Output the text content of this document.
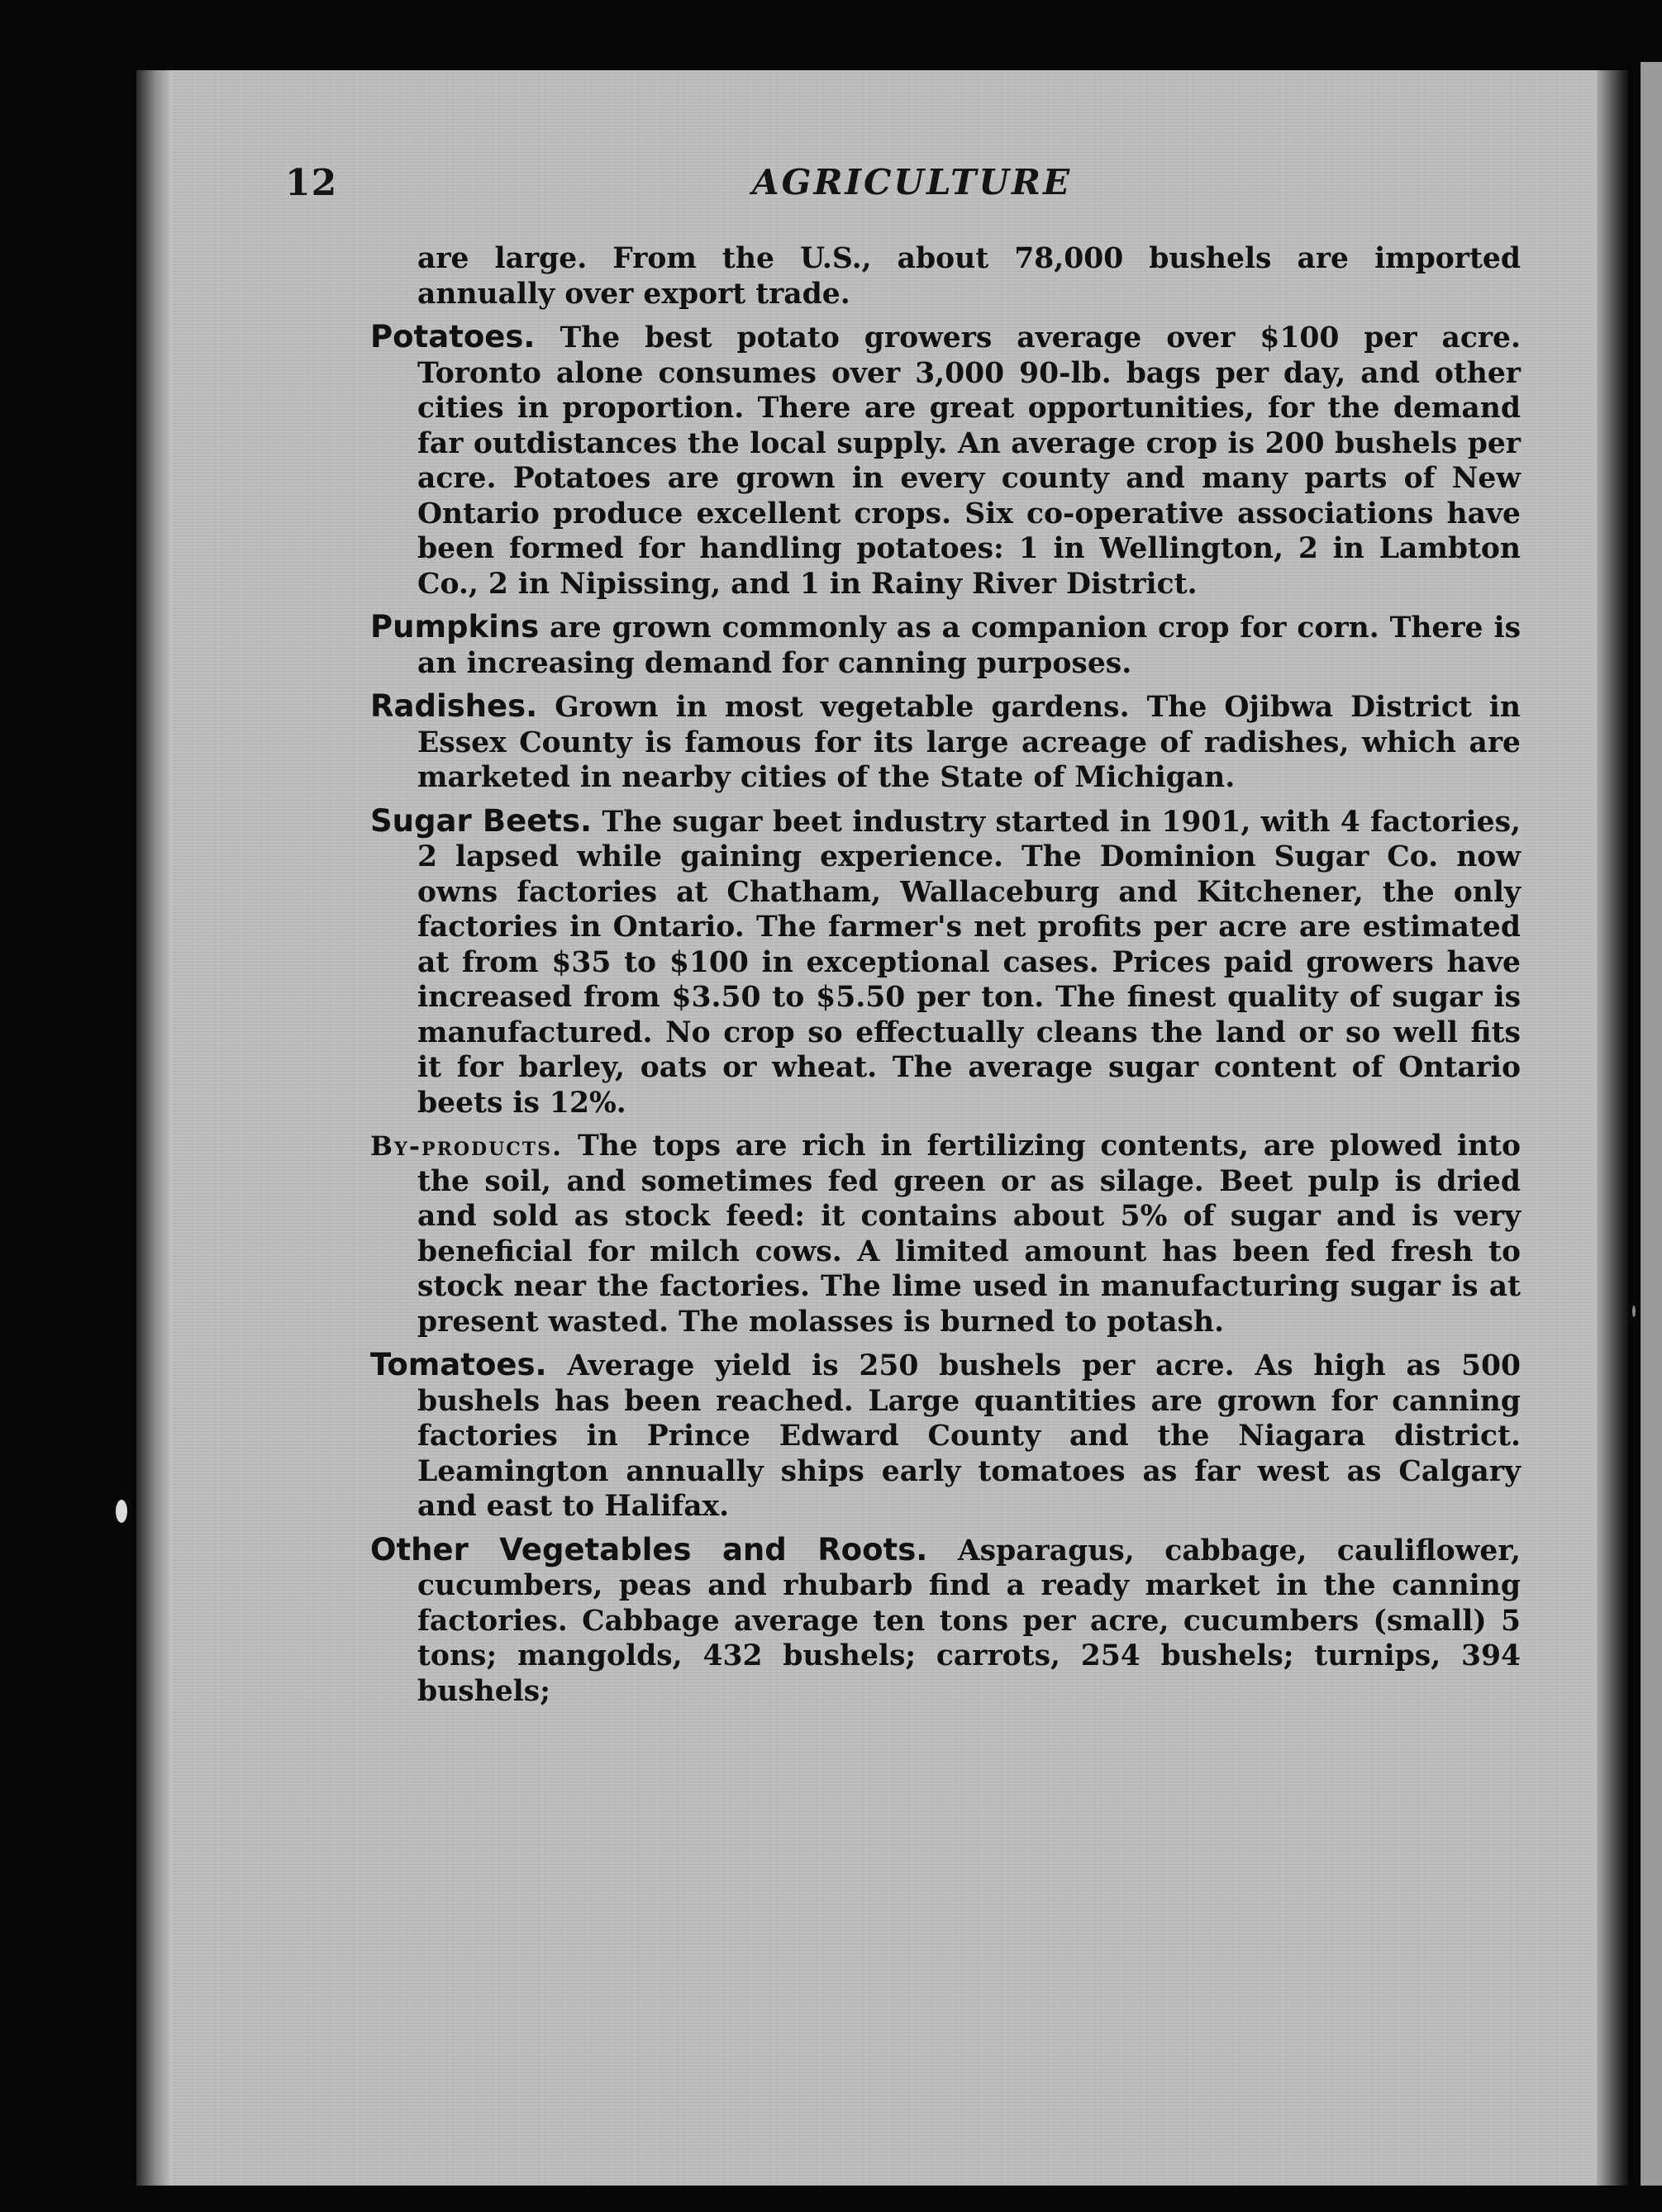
12	AGRICULTURE

are large. From the U.S., about 78,000 bushels are imported annually over export trade.

Potatoes. The best potato growers average over $100 per acre. Toronto alone consumes over 3,000 90-lb. bags per day, and other cities in proportion. There are great opportunities, for the demand far outdistances the local supply. An average crop is 200 bushels per acre. Potatoes are grown in every county and many parts of New Ontario produce excellent crops. Six co-operative associations have been formed for handling potatoes: 1 in Wellington, 2 in Lambton Co., 2 in Nipissing, and 1 in Rainy River District.

Pumpkins are grown commonly as a companion crop for corn. There is an increasing demand for canning purposes.

Radishes. Grown in most vegetable gardens. The Ojibwa District in Essex County is famous for its large acreage of radishes, which are marketed in nearby cities of the State of Michigan.

Sugar Beets. The sugar beet industry started in 1901, with 4 factories, 2 lapsed while gaining experience. The Dominion Sugar Co. now owns factories at Chatham, Wallaceburg and Kitchener, the only factories in Ontario. The farmer's net profits per acre are estimated at from $35 to $100 in exceptional cases. Prices paid growers have increased from $3.50 to $5.50 per ton. The finest quality of sugar is manufactured. No crop so effectually cleans the land or so well fits it for barley, oats or wheat. The average sugar content of Ontario beets is 12%.

By-products. The tops are rich in fertilizing contents, are plowed into the soil, and sometimes fed green or as silage. Beet pulp is dried and sold as stock feed: it contains about 5% of sugar and is very beneficial for milch cows. A limited amount has been fed fresh to stock near the factories. The lime used in manufacturing sugar is at present wasted. The molasses is burned to potash.

Tomatoes. Average yield is 250 bushels per acre. As high as 500 bushels has been reached. Large quantities are grown for canning factories in Prince Edward County and the Niagara district. Leamington annually ships early tomatoes as far west as Calgary and east to Halifax.

Other Vegetables and Roots. Asparagus, cabbage, cauliflower, cucumbers, peas and rhubarb find a ready market in the canning factories. Cabbage average ten tons per acre, cucumbers (small) 5 tons; mangolds, 432 bushels; carrots, 254 bushels; turnips, 394 bushels;
